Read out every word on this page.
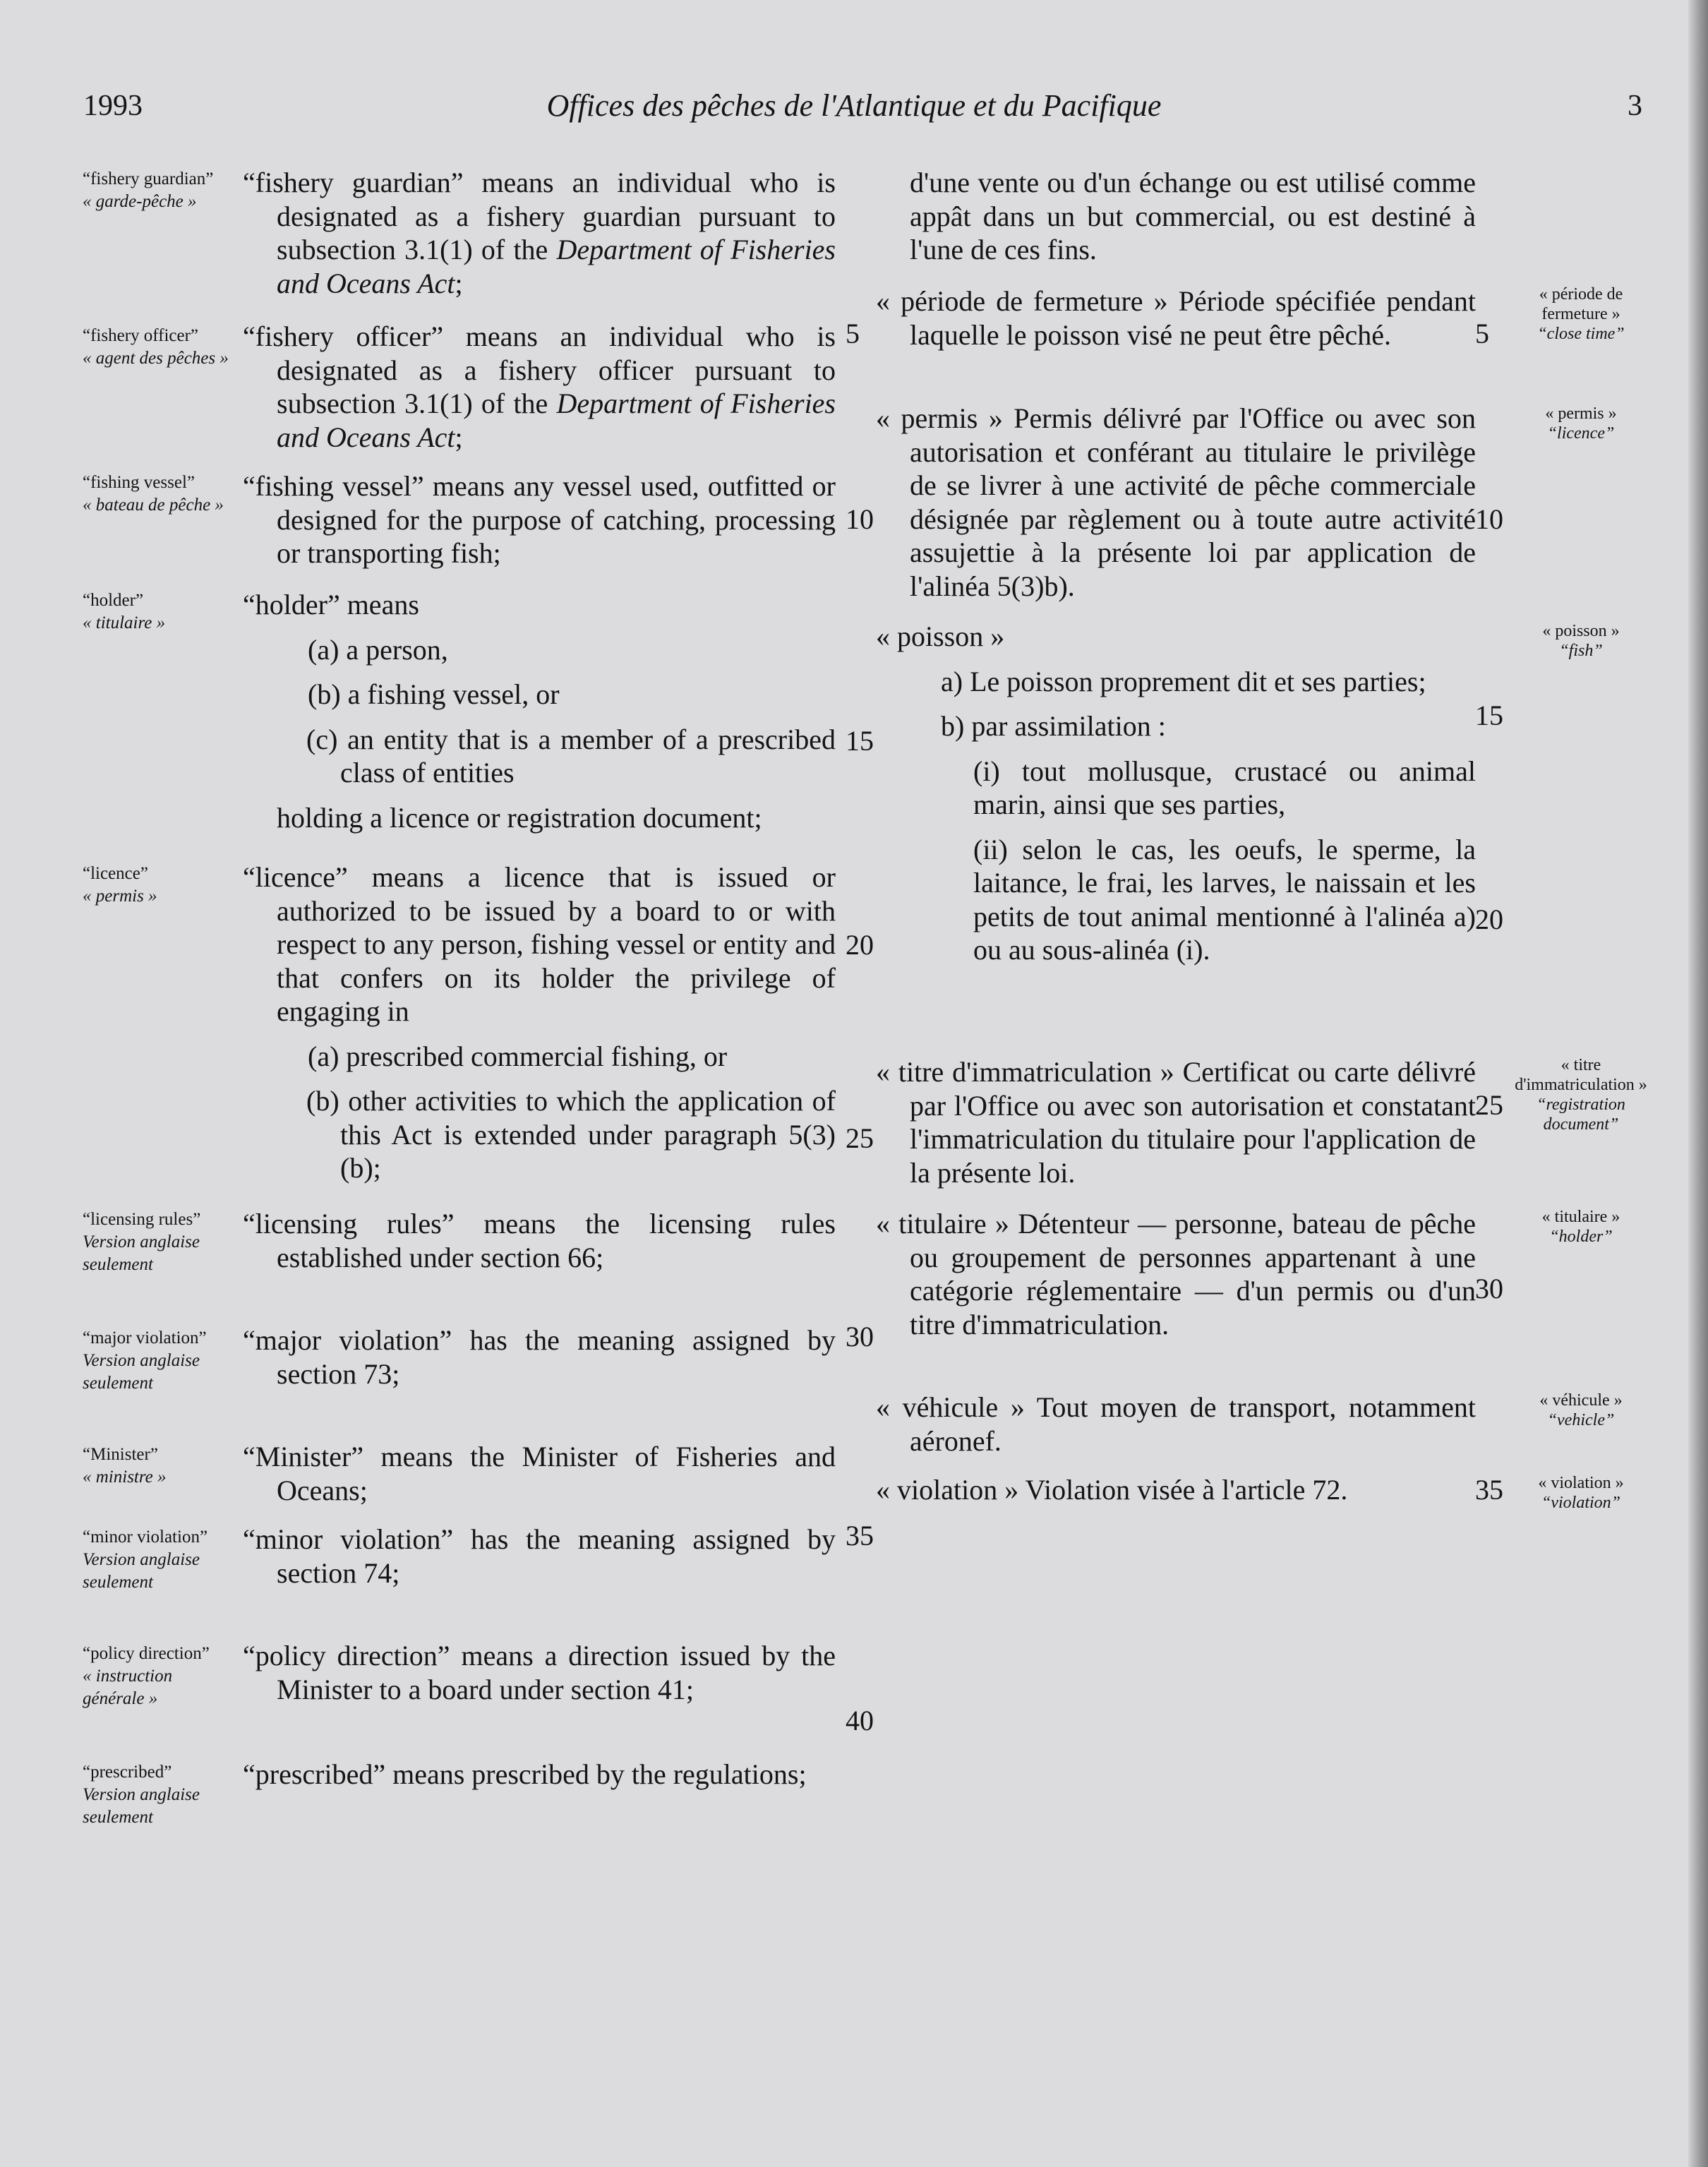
1993	Offices des pêches de l'Atlantique et du Pacifique	3
“fishery guardian”
« garde-pêche »
“fishery officer”
« agent des pêches »
“fishing vessel”
« bateau de pêche »
“holder”
« titulaire »
“licence”
« permis »
“licensing rules”
Version anglaise seulement
“major violation”
Version anglaise seulement
“Minister”
« ministre »
“minor violation”
Version anglaise seulement
“policy direction”
« instruction générale »
“prescribed”
Version anglaise seulement

“fishery guardian” means an individual who is designated as a fishery guardian pursuant to subsection 3.1(1) of the Department of Fisheries and Oceans Act;

“fishery officer” means an individual who is designated as a fishery officer pursuant to subsection 3.1(1) of the Department of Fisheries and Oceans Act;

“fishing vessel” means any vessel used, outfitted or designed for the purpose of catching, processing or transporting fish;

“holder” means

(a) a person,

(b) a fishing vessel, or

(c) an entity that is a member of a prescribed class of entities

holding a licence or registration document;

“licence” means a licence that is issued or authorized to be issued by a board to or with respect to any person, fishing vessel or entity and that confers on its holder the privilege of engaging in

(a) prescribed commercial fishing, or

(b) other activities to which the application of this Act is extended under paragraph 5(3)(b);

“licensing rules” means the licensing rules established under section 66;

“major violation” has the meaning assigned by section 73;

“Minister” means the Minister of Fisheries and Oceans;

“minor violation” has the meaning assigned by section 74;

“policy direction” means a direction issued by the Minister to a board under section 41;

“prescribed” means prescribed by the regulations;

5
10
15
20
25
30
35
40

d'une vente ou d'un échange ou est utilisé comme appât dans un but commercial, ou est destiné à l'une de ces fins.

« période de fermeture » Période spécifiée pendant laquelle le poisson visé ne peut être pêché.

« permis » Permis délivré par l'Office ou avec son autorisation et conférant au titulaire le privilège de se livrer à une activité de pêche commerciale désignée par règlement ou à toute autre activité assujettie à la présente loi par application de l'alinéa 5(3)b).

« poisson »

a) Le poisson proprement dit et ses parties;

b) par assimilation :

(i) tout mollusque, crustacé ou animal marin, ainsi que ses parties,

(ii) selon le cas, les oeufs, le sperme, la laitance, le frai, les larves, le naissain et les petits de tout animal mentionné à l'alinéa a) ou au sous-alinéa (i).

« titre d'immatriculation » Certificat ou carte délivré par l'Office ou avec son autorisation et constatant l'immatriculation du titulaire pour l'application de la présente loi.

« titulaire » Détenteur — personne, bateau de pêche ou groupement de personnes appartenant à une catégorie réglementaire — d'un permis ou d'un titre d'immatriculation.

« véhicule » Tout moyen de transport, notamment aéronef.

« violation » Violation visée à l'article 72.

5
10
15
20
25
30
35
« période de fermeture »
“close time”
« permis »
“licence”
« poisson »
“fish”
« titre d'immatriculation »
“registration document”
« titulaire »
“holder”
« véhicule »
“vehicle”
« violation »
“violation”
